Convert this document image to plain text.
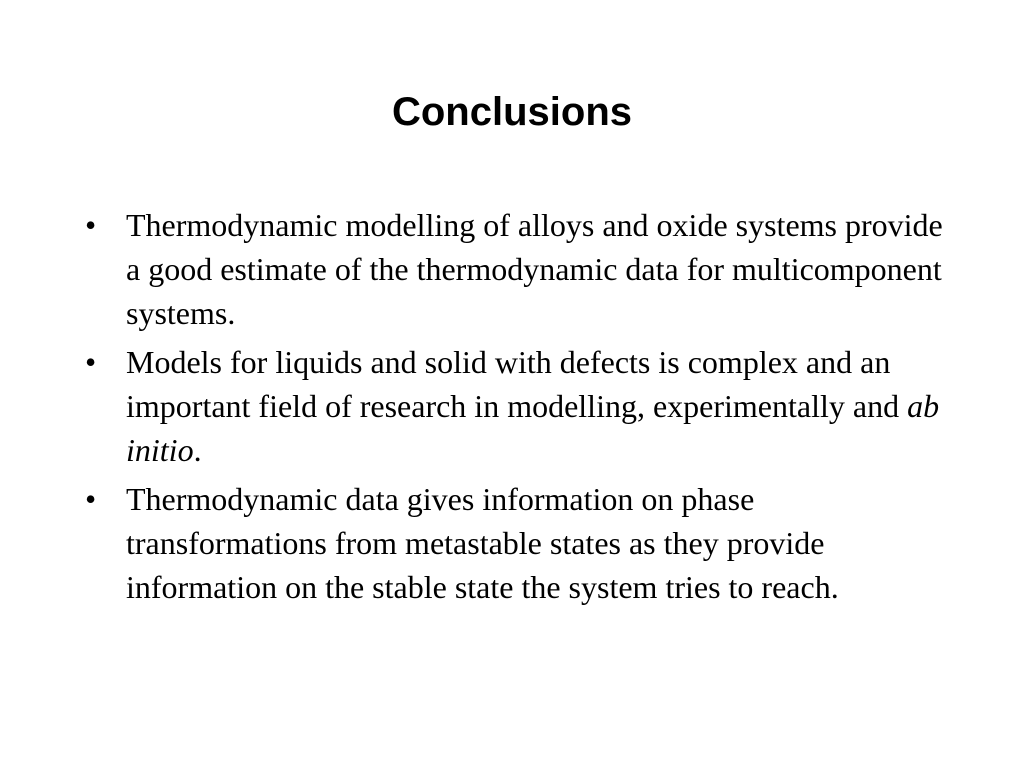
Conclusions
• Thermodynamic modelling of alloys and oxide systems provide a good estimate of the thermodynamic data for multicomponent systems.
• Models for liquids and solid with defects is complex and an important field of research in modelling, experimentally and ab initio.
• Thermodynamic data gives information on phase transformations from metastable states as they provide information on the stable state the system tries to reach.
